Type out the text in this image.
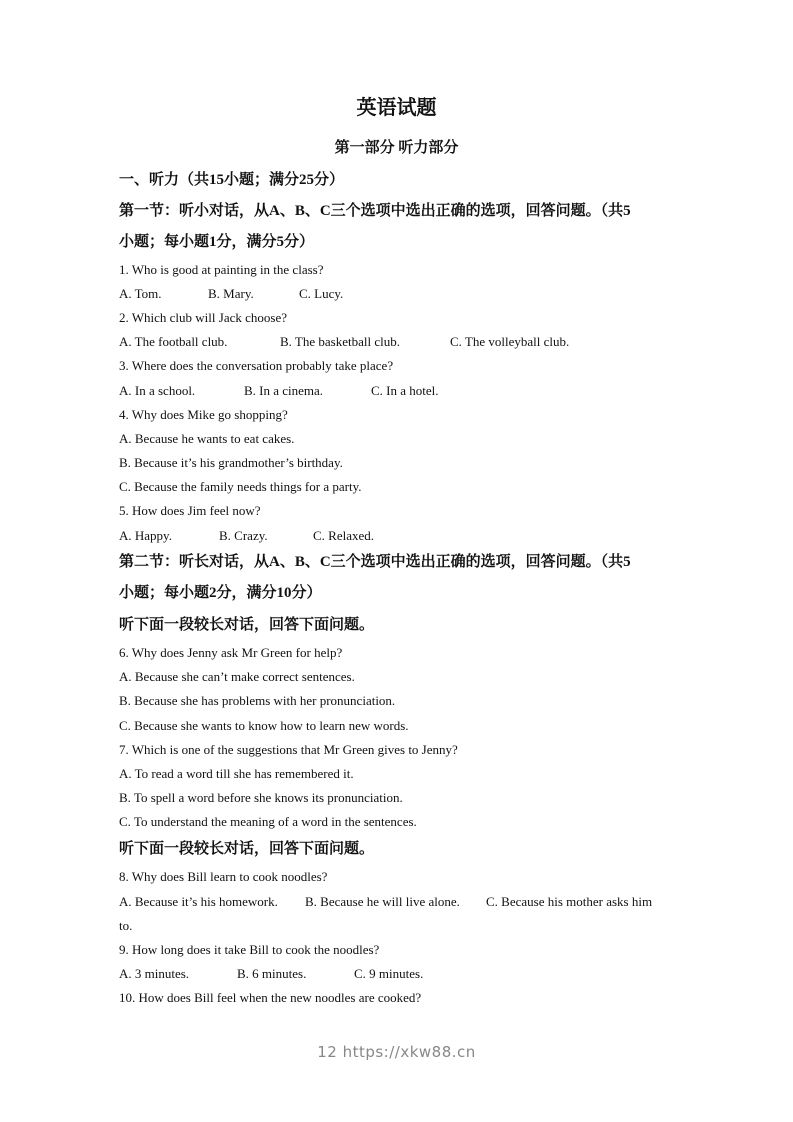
英语试题
第一部分 听力部分
一、听力（共15小题；满分25分）
第一节：听小对话，从A、B、C三个选项中选出正确的选项，回答问题。（共5
小题；每小题1分，满分5分）
1. Who is good at painting in the class?
A. Tom.	B. Mary.	C. Lucy.
2. Which club will Jack choose?
A. The football club.	B. The basketball club.	C. The volleyball club.
3. Where does the conversation probably take place?
A. In a school.	B. In a cinema.	C. In a hotel.
4. Why does Mike go shopping?
A. Because he wants to eat cakes.
B. Because it’s his grandmother’s birthday.
C. Because the family needs things for a party.
5. How does Jim feel now?
A. Happy.	B. Crazy.	C. Relaxed.
第二节：听长对话，从A、B、C三个选项中选出正确的选项，回答问题。（共5
小题；每小题2分，满分10分）
听下面一段较长对话，回答下面问题。
6. Why does Jenny ask Mr Green for help?
A. Because she can’t make correct sentences.
B. Because she has problems with her pronunciation.
C. Because she wants to know how to learn new words.
7. Which is one of the suggestions that Mr Green gives to Jenny?
A. To read a word till she has remembered it.
B. To spell a word before she knows its pronunciation.
C. To understand the meaning of a word in the sentences.
听下面一段较长对话，回答下面问题。
8. Why does Bill learn to cook noodles?
A. Because it’s his homework. B. Because he will live alone. C. Because his mother asks him
to.
9. How long does it take Bill to cook the noodles?
A. 3 minutes.	B. 6 minutes.	C. 9 minutes.
10. How does Bill feel when the new noodles are cooked?
12 https://xkw88.cn
